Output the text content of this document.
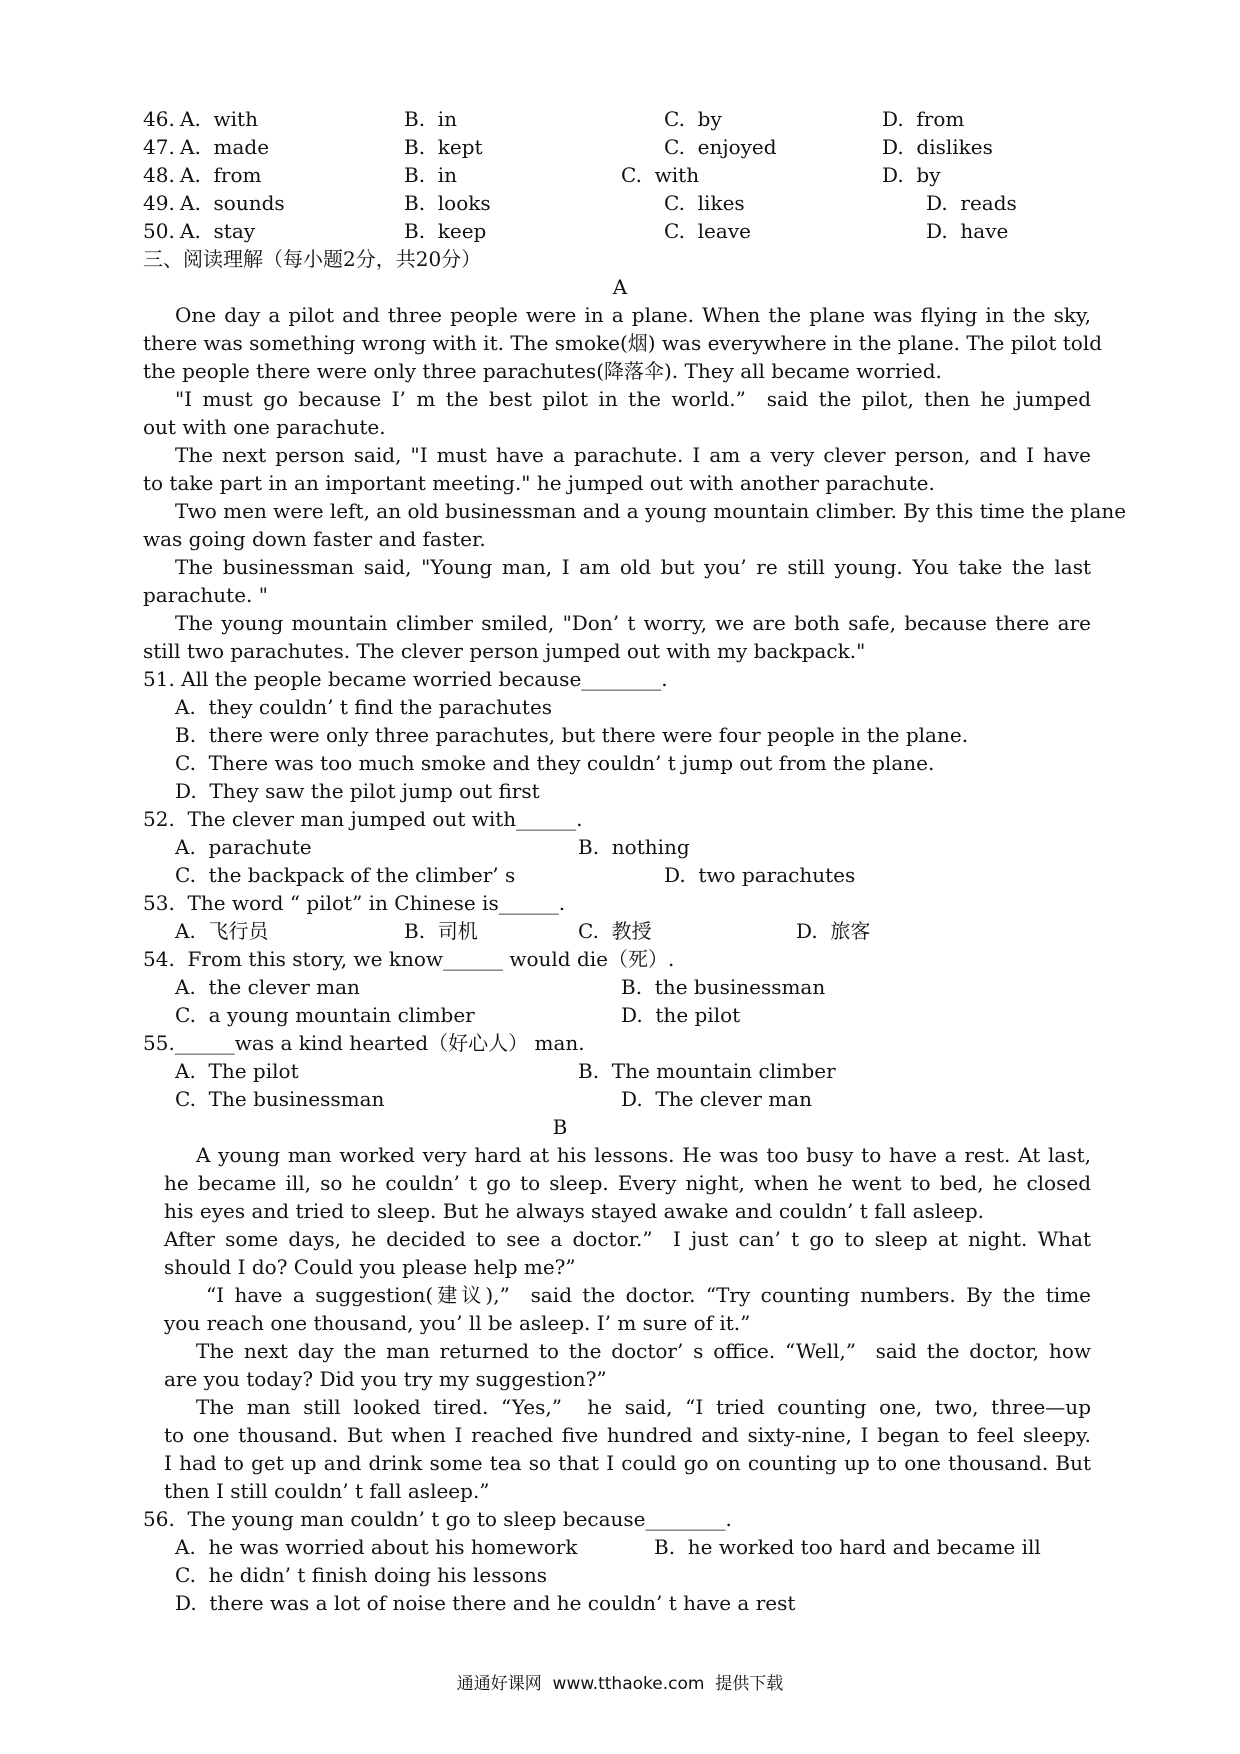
46. A.  with	B.  in	C.  by	D.  from
47. A.  made	B.  kept	C.  enjoyed	D.  dislikes
48. A.  from	B.  in	C.  with	D.  by
49. A.  sounds	B.  looks	C.  likes	D.  reads
50. A.  stay	B.  keep	C.  leave	D.  have
三、阅读理解（每小题2分，共20分）
A
One day a pilot and three people were in a plane. When the plane was flying in the sky,
there was something wrong with it. The smoke(烟) was everywhere in the plane. The pilot told
the people there were only three parachutes(降落伞). They all became worried.
"I must go because I’ m the best pilot in the world.”  said the pilot, then he jumped
out with one parachute.
The next person said, "I must have a parachute. I am a very clever person, and I have
to take part in an important meeting." he jumped out with another parachute.
Two men were left, an old businessman and a young mountain climber. By this time the plane
was going down faster and faster.
The businessman said, "Young man, I am old but you’ re still young. You take the last
parachute. "
The young mountain climber smiled, "Don’ t worry, we are both safe, because there are
still two parachutes. The clever person jumped out with my backpack."
51. All the people became worried because________.
A.  they couldn’ t find the parachutes
B.  there were only three parachutes, but there were four people in the plane.
C.  There was too much smoke and they couldn’ t jump out from the plane.
D.  They saw the pilot jump out first
52.  The clever man jumped out with______.
A.  parachute	B.  nothing
C.  the backpack of the climber’ s	D.  two parachutes
53.  The word “ pilot” in Chinese is______.
A.  飞行员	B.  司机	C.  教授	D.  旅客
54.  From this story, we know______ would die（死）.
A.  the clever man	B.  the businessman
C.  a young mountain climber	D.  the pilot
55.______was a kind hearted（好心人） man.
A.  The pilot	B.  The mountain climber
C.  The businessman	D.  The clever man
B
A young man worked very hard at his lessons. He was too busy to have a rest. At last,
he became ill, so he couldn’ t go to sleep. Every night, when he went to bed, he closed
his eyes and tried to sleep. But he always stayed awake and couldn’ t fall asleep.
After some days, he decided to see a doctor.”  I just can’ t go to sleep at night. What
should I do? Could you please help me?”
“I have a suggestion(建议),”  said the doctor. “Try counting numbers. By the time
you reach one thousand, you’ ll be asleep. I’ m sure of it.”
The next day the man returned to the doctor’ s office. “Well,”  said the doctor, how
are you today? Did you try my suggestion?”
The man still looked tired. “Yes,”  he said, “I tried counting one, two, three—up
to one thousand. But when I reached five hundred and sixty-nine, I began to feel sleepy.
I had to get up and drink some tea so that I could go on counting up to one thousand. But
then I still couldn’ t fall asleep.”
56.  The young man couldn’ t go to sleep because________.
A.  he was worried about his homework	B.  he worked too hard and became ill
C.  he didn’ t finish doing his lessons
D.  there was a lot of noise there and he couldn’ t have a rest
通通好课网  www.tthaoke.com  提供下载
